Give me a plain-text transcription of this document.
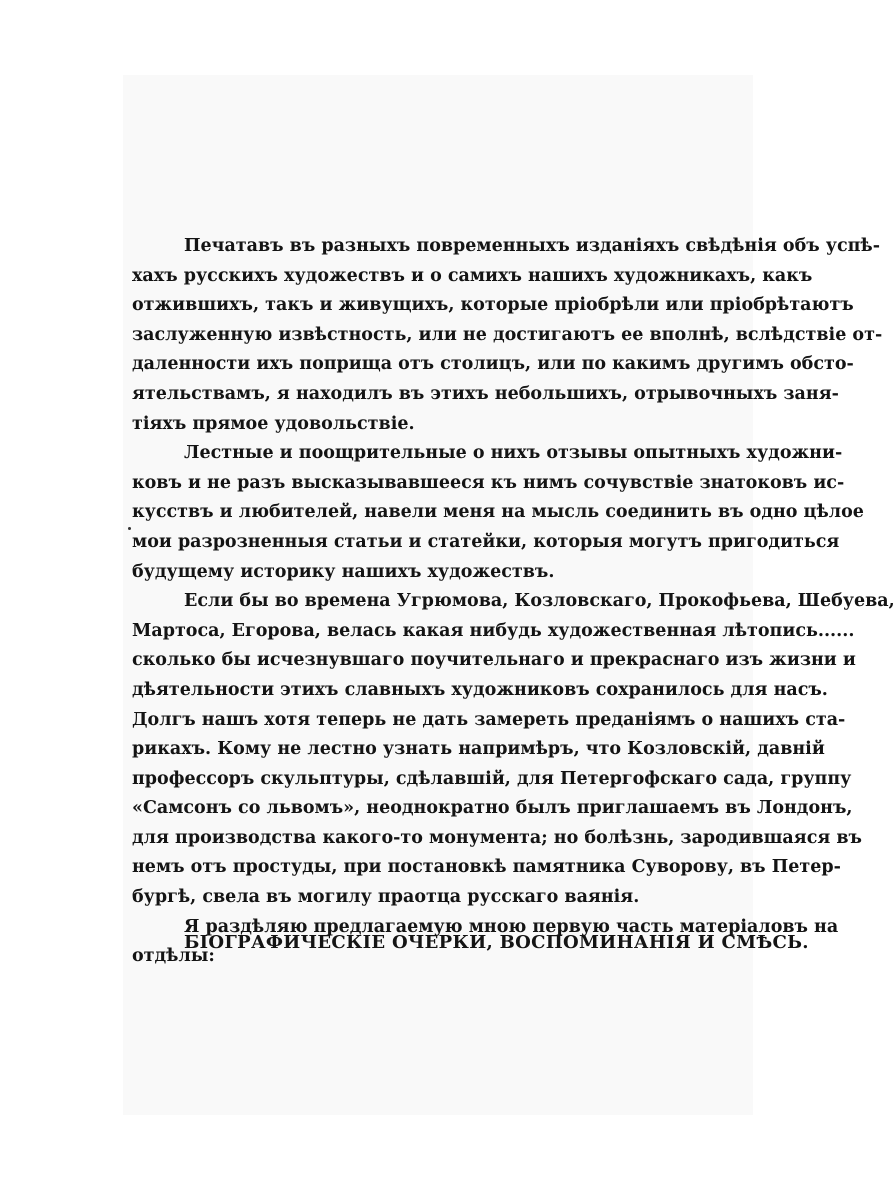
Печатавъ въ разныхъ повременныхъ изданіяхъ свѣдѣнія объ успѣ-
хахъ русскихъ художествъ и о самихъ нашихъ художникахъ, какъ
отжившихъ, такъ и живущихъ, которые пріобрѣли или пріобрѣтаютъ
заслуженную извѣстность, или не достигаютъ ее вполнѣ, вслѣдствіе от-
даленности ихъ поприща отъ столицъ, или по какимъ другимъ обсто-
ятельствамъ, я находилъ въ этихъ небольшихъ, отрывочныхъ заня-
тіяхъ прямое удовольствіе.
Лестные и поощрительные о нихъ отзывы опытныхъ художни-
ковъ и не разъ высказывавшееся къ нимъ сочувствіе знатоковъ ис-
кусствъ и любителей, навели меня на мысль соединить въ одно цѣлое
мои разрозненныя статьи и статейки, которыя могутъ пригодиться
будущему историку нашихъ художествъ.
Если бы во времена Угрюмова, Козловскаго, Прокофьева, Шебуева,
Мартоса, Егорова, велась какая нибудь художественная лѣтопись......
сколько бы исчезнувшаго поучительнаго и прекраснаго изъ жизни и
дѣятельности этихъ славныхъ художниковъ сохранилось для насъ.
Долгъ нашъ хотя теперь не дать замереть преданіямъ о нашихъ ста-
рикахъ. Кому не лестно узнать напримѣръ, что Козловскій, давній
профессоръ скульптуры, сдѣлавшій, для Петергофскаго сада, группу
«Самсонъ со львомъ», неоднократно былъ приглашаемъ въ Лондонъ,
для производства какого-то монумента; но болѣзнь, зародившаяся въ
немъ отъ простуды, при постановкѣ памятника Суворову, въ Петер-
бургѣ, свела въ могилу праотца русскаго ваянія.
Я раздѣляю предлагаемую мною первую часть матеріаловъ на
отдѣлы:
БІОГРАФИЧЕСКІЕ ОЧЕРКИ, ВОСПОМИНАНІЯ И СМѢСЬ.
